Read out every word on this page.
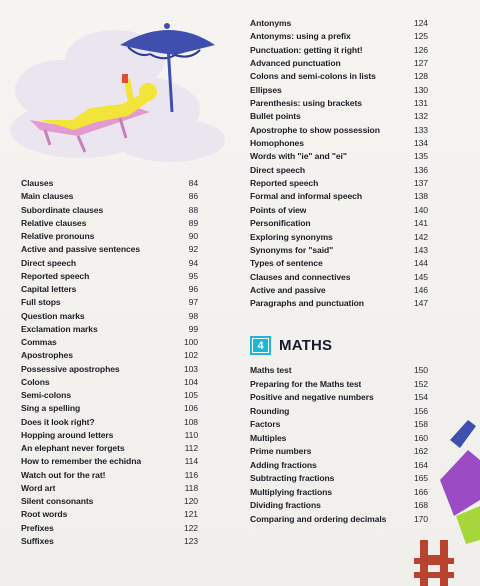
Clauses	84
Main clauses	86
Subordinate clauses	88
Relative clauses	89
Relative pronouns	90
Active and passive sentences	92
Direct speech	94
Reported speech	95
Capital letters	96
Full stops	97
Question marks	98
Exclamation marks	99
Commas	100
Apostrophes	102
Possessive apostrophes	103
Colons	104
Semi-colons	105
Sing a spelling	106
Does it look right?	108
Hopping around letters	110
An elephant never forgets	112
How to remember the echidna	114
Watch out for the rat!	116
Word art	118
Silent consonants	120
Root words	121
Prefixes	122
Suffixes	123
Antonyms	124
Antonyms: using a prefix	125
Punctuation: getting it right!	126
Advanced punctuation	127
Colons and semi-colons in lists	128
Ellipses	130
Parenthesis: using brackets	131
Bullet points	132
Apostrophe to show possession	133
Homophones	134
Words with "ie" and "ei"	135
Direct speech	136
Reported speech	137
Formal and informal speech	138
Points of view	140
Personification	141
Exploring synonyms	142
Synonyms for "said"	143
Types of sentence	144
Clauses and connectives	145
Active and passive	146
Paragraphs and punctuation	147
4 MATHS
Maths test	150
Preparing for the Maths test	152
Positive and negative numbers	154
Rounding	156
Factors	158
Multiples	160
Prime numbers	162
Adding fractions	164
Subtracting fractions	165
Multiplying fractions	166
Dividing fractions	168
Comparing and ordering decimals	170
